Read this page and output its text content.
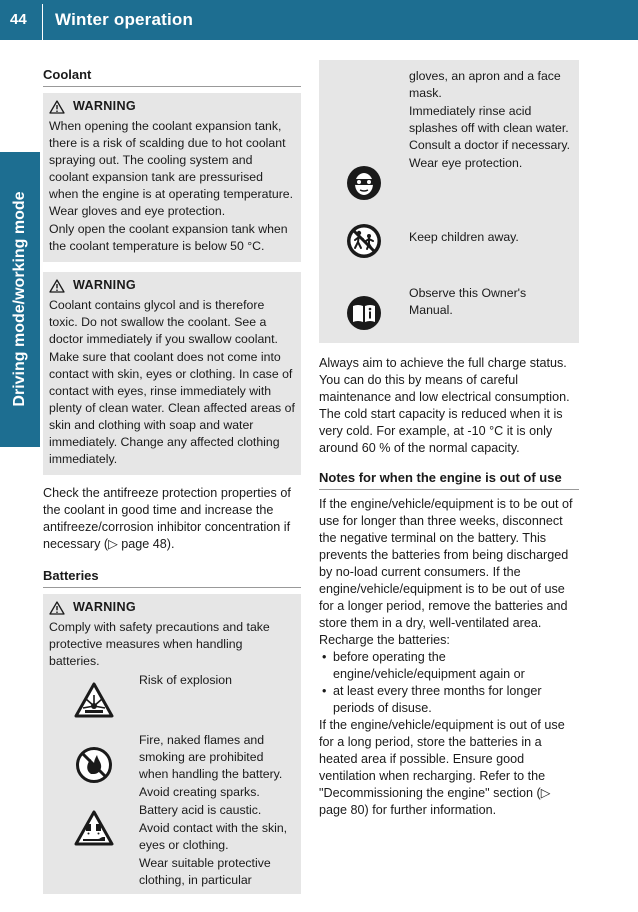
44	Winter operation
Driving mode/working mode
Coolant
WARNING

When opening the coolant expansion tank, there is a risk of scalding due to hot coolant spraying out. The cooling system and coolant expansion tank are pressurised when the engine is at operating temperature. Wear gloves and eye protection.

Only open the coolant expansion tank when the coolant temperature is below 50 °C.

WARNING

Coolant contains glycol and is therefore toxic. Do not swallow the coolant. See a doctor immediately if you swallow coolant.

Make sure that coolant does not come into contact with skin, eyes or clothing. In case of contact with eyes, rinse immediately with plenty of clean water. Clean affected areas of skin and clothing with soap and water immediately. Change any affected clothing immediately.

Check the antifreeze protection properties of the coolant in good time and increase the antifreeze/corrosion inhibitor concentration if necessary (▷ page 48).

Batteries
WARNING

Comply with safety precautions and take protective measures when handling batteries.

Risk of explosion

Fire, naked flames and smoking are prohibited when handling the battery.

Avoid creating sparks.

Battery acid is caustic.

Avoid contact with the skin, eyes or clothing.

Wear suitable protective clothing, in particular

gloves, an apron and a face mask.

Immediately rinse acid splashes off with clean water. Consult a doctor if necessary.

Wear eye protection.

Keep children away.

Observe this Owner's Manual.

Always aim to achieve the full charge status. You can do this by means of careful maintenance and low electrical consumption. The cold start capacity is reduced when it is very cold. For example, at -10 °C it is only around 60 % of the normal capacity.

Notes for when the engine is out of use

If the engine/vehicle/equipment is to be out of use for longer than three weeks, disconnect the negative terminal on the battery. This prevents the batteries from being discharged by no-load current consumers. If the engine/vehicle/equipment is to be out of use for a longer period, remove the batteries and store them in a dry, well-ventilated area. Recharge the batteries:

• before operating the engine/vehicle/equipment again or
• at least every three months for longer periods of disuse.

If the engine/vehicle/equipment is out of use for a long period, store the batteries in a heated area if possible. Ensure good ventilation when recharging. Refer to the "Decommissioning the engine" section (▷ page 80) for further information.
